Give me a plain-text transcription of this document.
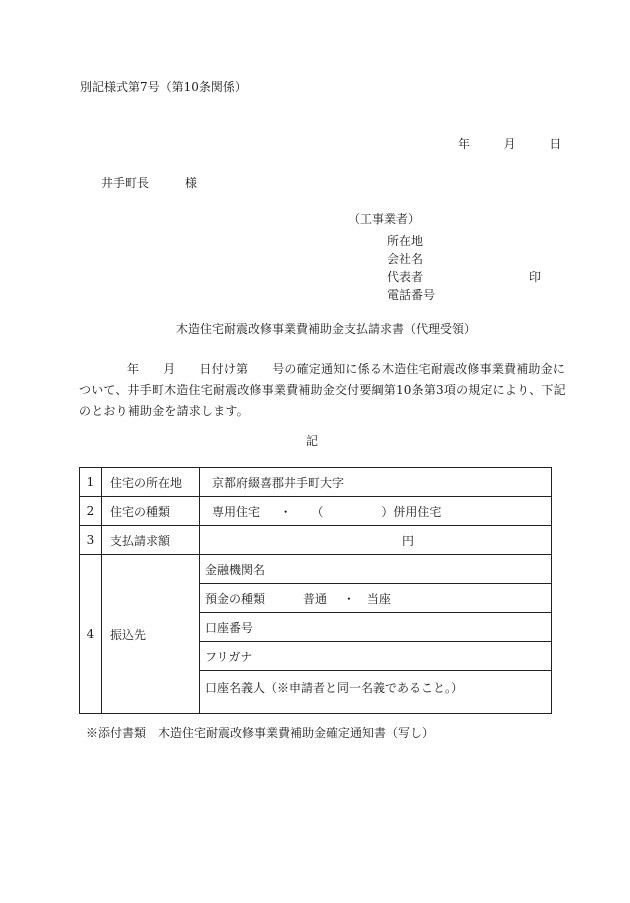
別記様式第7号（第10条関係）
年	月	日
井手町長	様
（工事業者）
所在地
会社名
代表者	印
電話番号
木造住宅耐震改修事業費補助金支払請求書（代理受領）
年 月 日付け第 号の確定通知に係る木造住宅耐震改修事業費補助金に
ついて、井手町木造住宅耐震改修事業費補助金交付要綱第10条第3項の規定により、下記
のとおり補助金を請求します。
記
1	住宅の所在地	京都府綴喜郡井手町大字
2	住宅の種類	専用住宅 ・ （ ）併用住宅
3	支払請求額	円
4	振込先	金融機関名
		預金の種類 普通 ・ 当座
		口座番号
		フリガナ
		口座名義人（※申請者と同一名義であること。）
※添付書類　木造住宅耐震改修事業費補助金確定通知書（写し）
